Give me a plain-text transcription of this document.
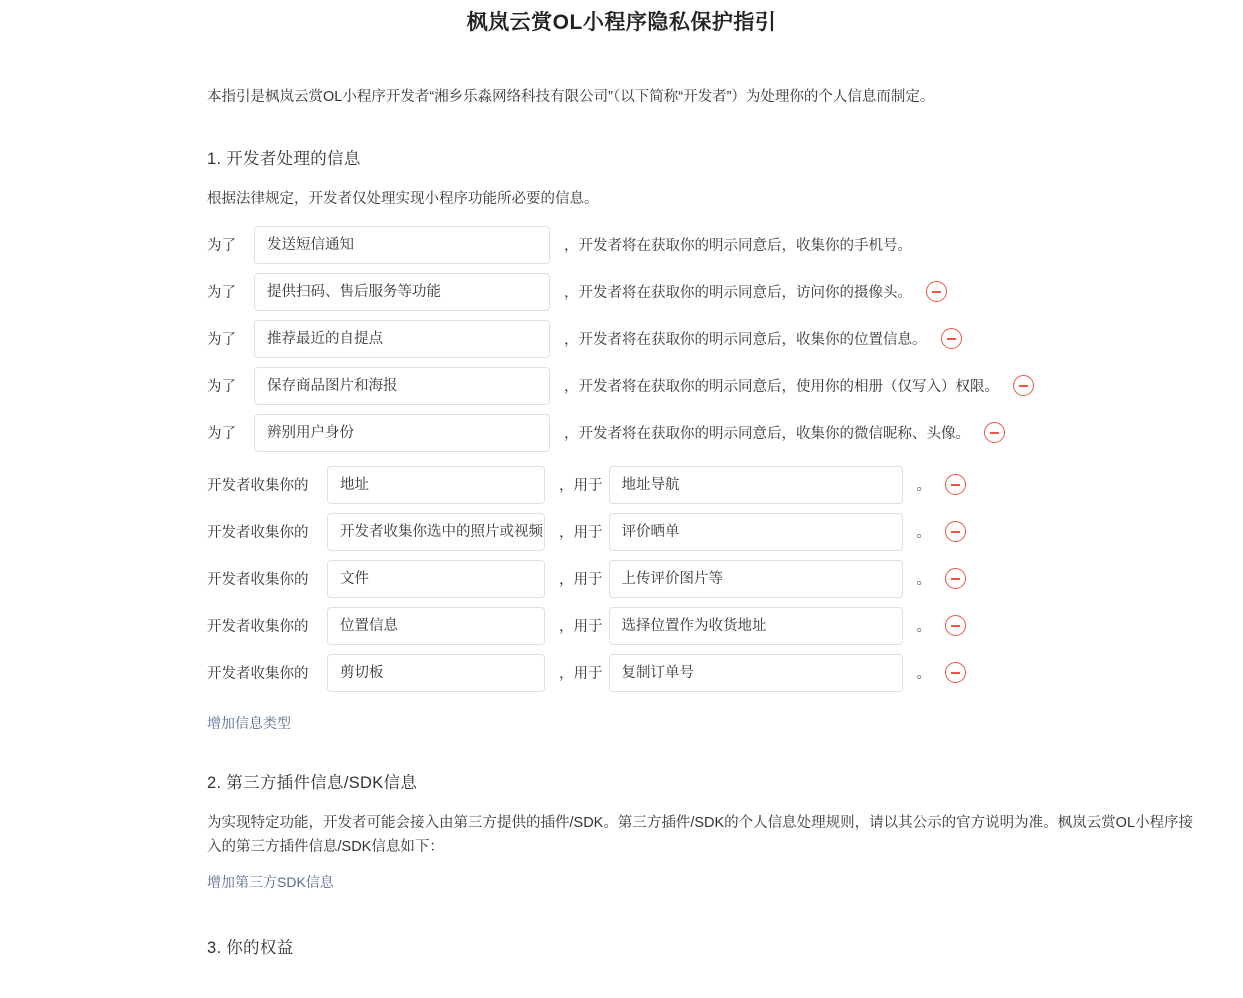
枫岚云赏OL小程序隐私保护指引
本指引是枫岚云赏OL小程序开发者“湘乡乐淼网络科技有限公司”（以下简称“开发者”）为处理你的个人信息而制定。
1. 开发者处理的信息
根据法律规定，开发者仅处理实现小程序功能所必要的信息。
为了	发送短信通知	，开发者将在获取你的明示同意后，收集你的手机号。
为了	提供扫码、售后服务等功能	，开发者将在获取你的明示同意后，访问你的摄像头。
为了	推荐最近的自提点	，开发者将在获取你的明示同意后，收集你的位置信息。
为了	保存商品图片和海报	，开发者将在获取你的明示同意后，使用你的相册（仅写入）权限。
为了	辨别用户身份	，开发者将在获取你的明示同意后，收集你的微信昵称、头像。
开发者收集你的	地址	，用于	地址导航	。
开发者收集你的	开发者收集你选中的照片或视频 ，用于	评价晒单	。
开发者收集你的	文件	，用于	上传评价图片等	。
开发者收集你的	位置信息	，用于	选择位置作为收货地址	。
开发者收集你的	剪切板	，用于	复制订单号	。
增加信息类型
2. 第三方插件信息/SDK信息
为实现特定功能，开发者可能会接入由第三方提供的插件/SDK。第三方插件/SDK的个人信息处理规则，请以其公示的官方说明为准。枫岚云赏OL小程序接入的第三方插件信息/SDK信息如下：
增加第三方SDK信息
3. 你的权益
